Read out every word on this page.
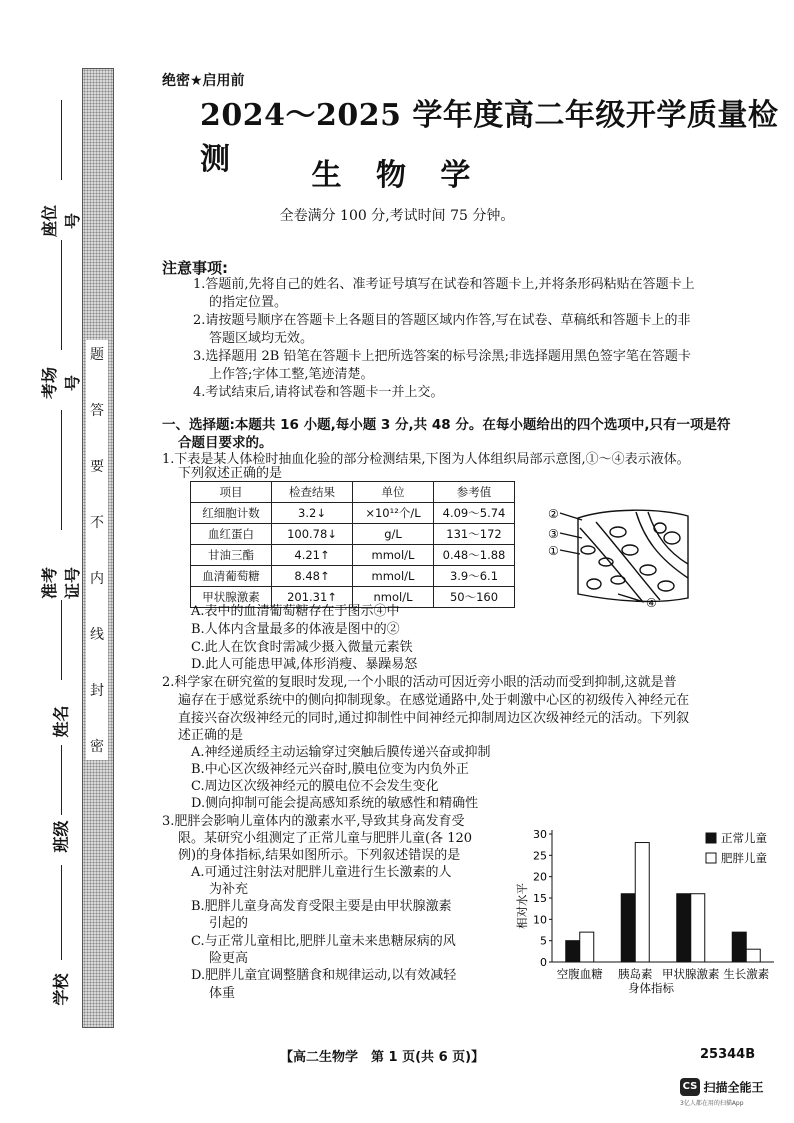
题
答
要
不
内
线
封
密
座位号
考场号
准考证号
姓名
班级
学校
绝密★启用前
2024～2025 学年度高二年级开学质量检测	生 物 学
全卷满分 100 分,考试时间 75 分钟。
注意事项:
1.答题前,先将自己的姓名、准考证号填写在试卷和答题卡上,并将条形码粘贴在答题卡上
的指定位置。
2.请按题号顺序在答题卡上各题目的答题区域内作答,写在试卷、草稿纸和答题卡上的非
答题区域均无效。
3.选择题用 2B 铅笔在答题卡上把所选答案的标号涂黑;非选择题用黑色签字笔在答题卡
上作答;字体工整,笔迹清楚。
4.考试结束后,请将试卷和答题卡一并上交。
一、选择题:本题共 16 小题,每小题 3 分,共 48 分。在每小题给出的四个选项中,只有一项是符
合题目要求的。
1.下表是某人体检时抽血化验的部分检测结果,下图为人体组织局部示意图,①～④表示液体。
下列叙述正确的是
项目	检查结果	单位	参考值
红细胞计数	3.2↓	×10¹²个/L	4.09～5.74
血红蛋白	100.78↓	g/L	131～172
甘油三酯	4.21↑	mmol/L	0.48～1.88
血清葡萄糖	8.48↑	mmol/L	3.9～6.1
甲状腺激素	201.31↑	nmol/L	50～160
②
③
①
④
A.表中的血清葡萄糖存在于图示④中
B.人体内含量最多的体液是图中的②
C.此人在饮食时需减少摄入微量元素铁
D.此人可能患甲减,体形消瘦、暴躁易怒
2.科学家在研究鲎的复眼时发现,一个小眼的活动可因近旁小眼的活动而受到抑制,这就是普
遍存在于感觉系统中的侧向抑制现象。在感觉通路中,处于刺激中心区的初级传入神经元在
直接兴奋次级神经元的同时,通过抑制性中间神经元抑制周边区次级神经元的活动。下列叙
述正确的是
A.神经递质经主动运输穿过突触后膜传递兴奋或抑制
B.中心区次级神经元兴奋时,膜电位变为内负外正
C.周边区次级神经元的膜电位不会发生变化
D.侧向抑制可能会提高感知系统的敏感性和精确性
3.肥胖会影响儿童体内的激素水平,导致其身高发育受
限。某研究小组测定了正常儿童与肥胖儿童(各 120
例)的身体指标,结果如图所示。下列叙述错误的是
A.可通过注射法对肥胖儿童进行生长激素的人
为补充
B.肥胖儿童身高发育受限主要是由甲状腺激素
引起的
C.与正常儿童相比,肥胖儿童未来患糖尿病的风
险更高
D.肥胖儿童宜调整膳食和规律运动,以有效减轻
体重
0
5
10
15
20
25
30
空腹血糖 胰岛素 甲状腺激素 生长激素
身体指标
相对水平
正常儿童
肥胖儿童
【高二生物学　第 1 页(共 6 页)】	25344B
CS 扫描全能王
3亿人都在用的扫描App
